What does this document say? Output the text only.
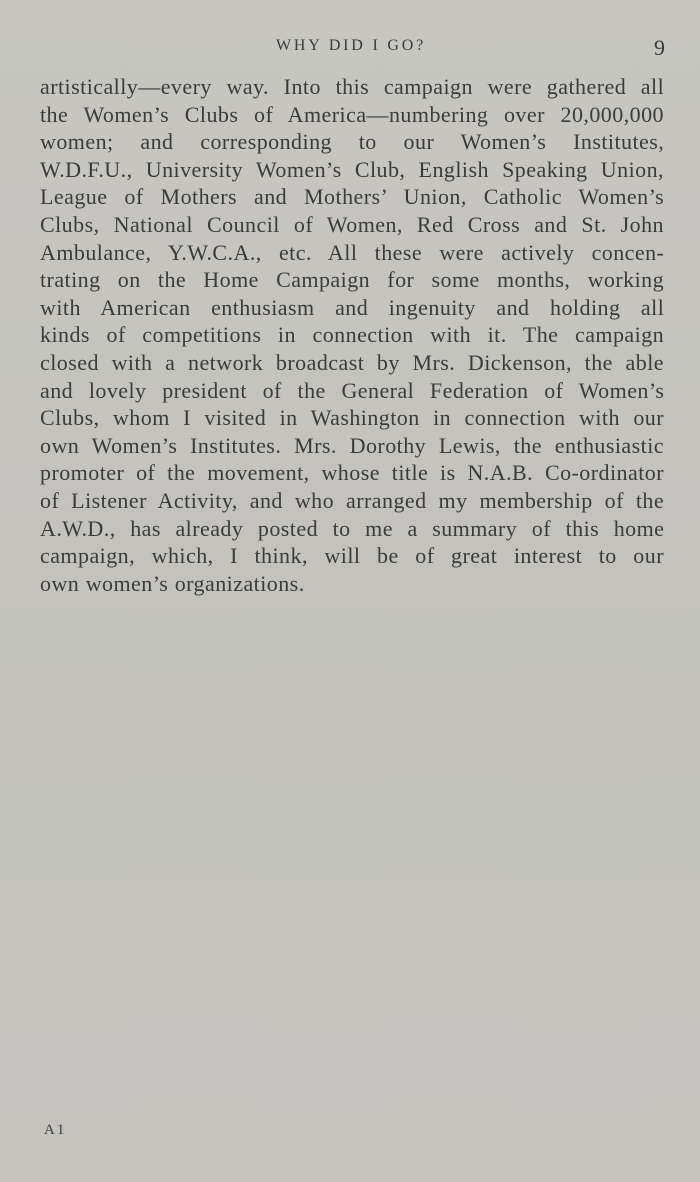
WHY DID I GO?	9
artistically—every way. Into this campaign were gathered all
the Women’s Clubs of America—numbering over 20,000,000
women; and corresponding to our Women’s Institutes,
W.D.F.U., University Women’s Club, English Speaking Union,
League of Mothers and Mothers’ Union, Catholic Women’s
Clubs, National Council of Women, Red Cross and St. John
Ambulance, Y.W.C.A., etc. All these were actively concen-
trating on the Home Campaign for some months, working
with American enthusiasm and ingenuity and holding all
kinds of competitions in connection with it. The campaign
closed with a network broadcast by Mrs. Dickenson, the able
and lovely president of the General Federation of Women’s
Clubs, whom I visited in Washington in connection with our
own Women’s Institutes. Mrs. Dorothy Lewis, the enthusiastic
promoter of the movement, whose title is N.A.B. Co-ordinator
of Listener Activity, and who arranged my membership of the
A.W.D., has already posted to me a summary of this home
campaign, which, I think, will be of great interest to our
own women’s organizations.
A1
